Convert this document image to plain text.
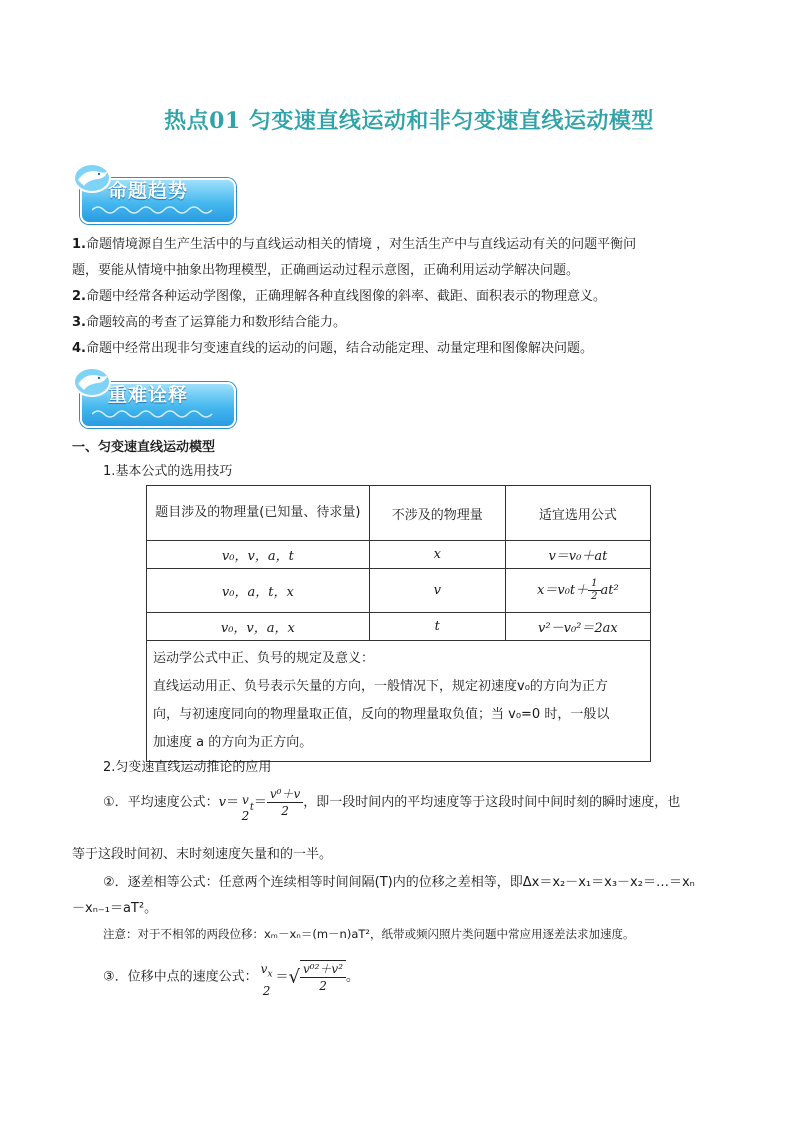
热点01 匀变速直线运动和非匀变速直线运动模型
命题趋势
1.命题情境源自生产生活中的与直线运动相关的情境 ，对生活生产中与直线运动有关的问题平衡问
题，要能从情境中抽象出物理模型，正确画运动过程示意图，正确利用运动学解决问题。
2.命题中经常各种运动学图像，正确理解各种直线图像的斜率、截距、面积表示的物理意义。
3.命题较高的考查了运算能力和数形结合能力。
4.命题中经常出现非匀变速直线的运动的问题，结合动能定理、动量定理和图像解决问题。
重难诠释
一、匀变速直线运动模型
1.基本公式的选用技巧
题目涉及的物理量(已知量、待求量)	不涉及的物理量	适宜选用公式
v₀，v，a，t	x	v＝v₀＋at
v₀，a，t，x	v	$x=v_0t+ \frac{1}{2} at^2$
v₀，v，a，x	t	v²－v₀²＝2ax

运动学公式中正、负号的规定及意义：
直线运动用正、负号表示矢量的方向，一般情况下，规定初速度v₀的方向为正方
向，与初速度同向的物理量取正值，反向的物理量取负值；当 v₀=0 时，一般以
加速度 a 的方向为正方向。		
2.匀变速直线运动推论的应用
①．平均速度公式：v＝ v
2
$_t= \frac{\text{v⁰＋v}}{2}$ ，即一段时间内的平均速度等于这段时间中间时刻的瞬时速度，也
等于这段时间初、末时刻速度矢量和的一半。
②．逐差相等公式：任意两个连续相等时间间隔(T)内的位移之差相等，即Δx＝x₂－x₁＝x₃－x₂＝…＝xₙ
－xₙ₋₁＝aT²。
注意：对于不相邻的两段位移：xₘ－xₙ＝(m－n)aT²，纸带或频闪照片类问题中常应用逐差法求加速度。
③．位移中点的速度公式：
$v_x$
2
＝√ $\frac{\text{v⁰²＋v²}}{2}$ 。
